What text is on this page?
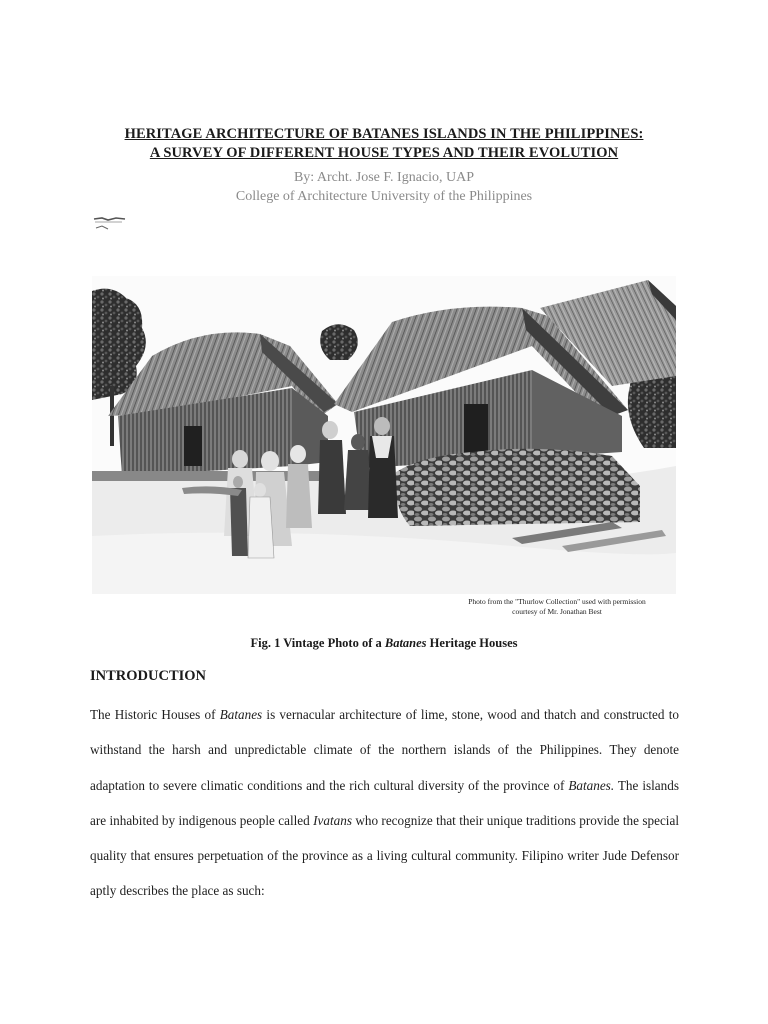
HERITAGE ARCHITECTURE OF BATANES ISLANDS IN THE PHILIPPINES:

A SURVEY OF DIFFERENT HOUSE TYPES AND THEIR EVOLUTION

By: Archt. Jose F. Ignacio, UAP

College of Architecture University of the Philippines

Photo from the "Thurlow Collection" used with permission
courtesy of Mr. Jonathan Best

Fig. 1 Vintage Photo of a Batanes Heritage Houses

INTRODUCTION

The Historic Houses of Batanes is vernacular architecture of lime, stone, wood and thatch and constructed to withstand the harsh and unpredictable climate of the northern islands of the Philippines. They denote adaptation to severe climatic conditions and the rich cultural diversity of the province of Batanes. The islands are inhabited by indigenous people called Ivatans who recognize that their unique traditions provide the special quality that ensures perpetuation of the province as a living cultural community. Filipino writer Jude Defensor aptly describes the place as such:
